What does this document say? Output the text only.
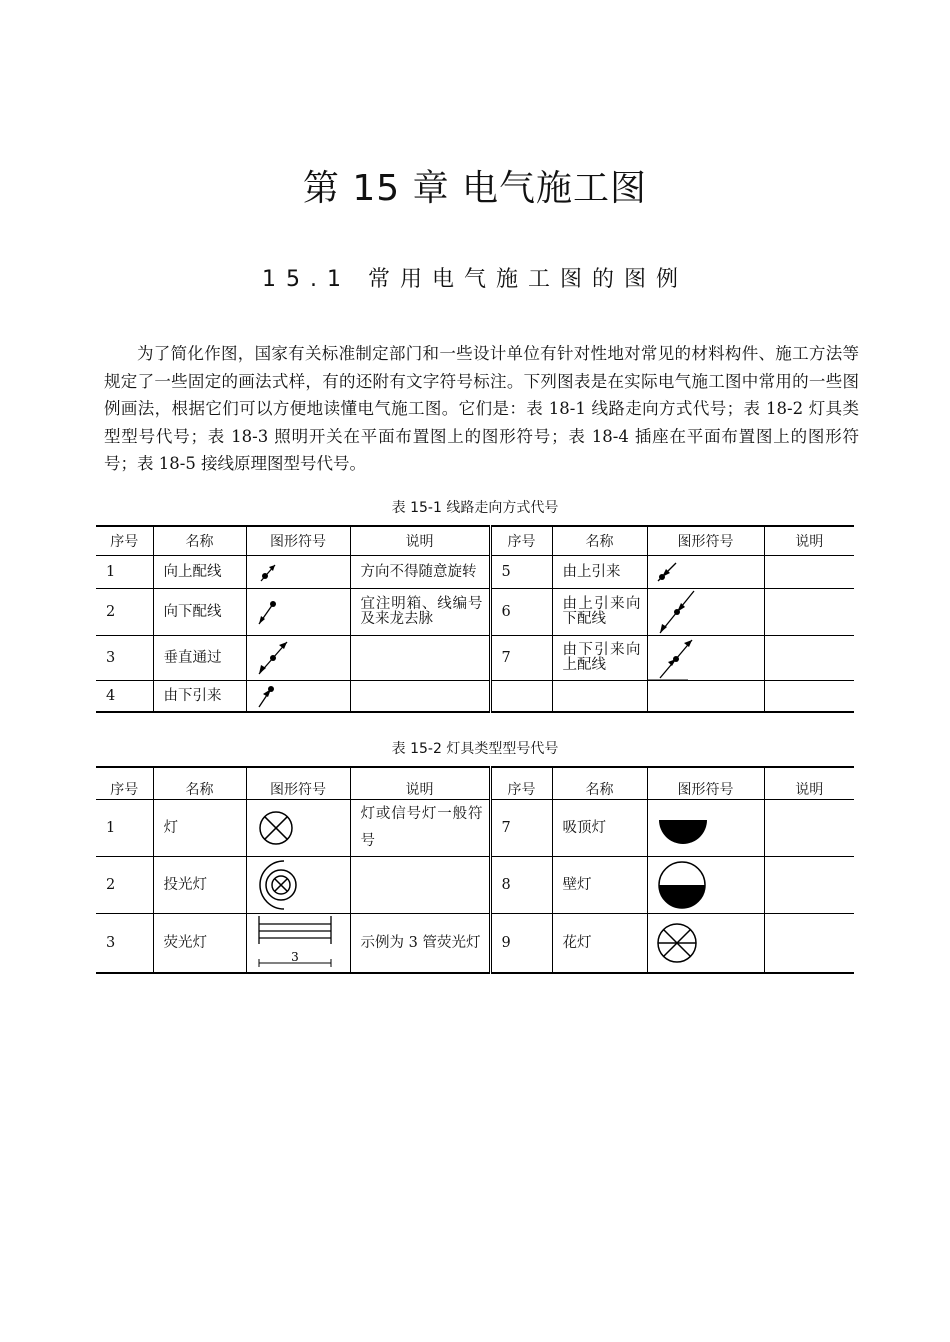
第 15 章 电气施工图
15.1 常用电气施工图的图例

为了简化作图，国家有关标准制定部门和一些设计单位有针对性地对常见的材料构件、施工方法等规定了一些固定的画法式样，有的还附有文字符号标注。下列图表是在实际电气施工图中常用的一些图例画法，根据它们可以方便地读懂电气施工图。它们是：表 18-1 线路走向方式代号；表 18-2 灯具类型型号代号；表 18-3 照明开关在平面布置图上的图形符号；表 18-4 插座在平面布置图上的图形符号；表 18-5 接线原理图型号代号。

表 15-1 线路走向方式代号
序号	名称	图形符号	说明	序号	名称	图形符号	说明
1	向上配线		方向不得随意旋转	5	由上引来	

2	向下配线		宜注明箱、线编号及来龙去脉	6	由上引来向下配线	

3	垂直通过			7	由下引来向上配线	

4	由下引来	

表 15-2 灯具类型型号代号
序号	名称	图形符号	说明	序号	名称	图形符号	说明
1	灯		灯或信号灯一般符号	7	吸顶灯	

2	投光灯			8	壁灯	

3	荧光灯	3	示例为 3 管荧光灯	9	花灯	
